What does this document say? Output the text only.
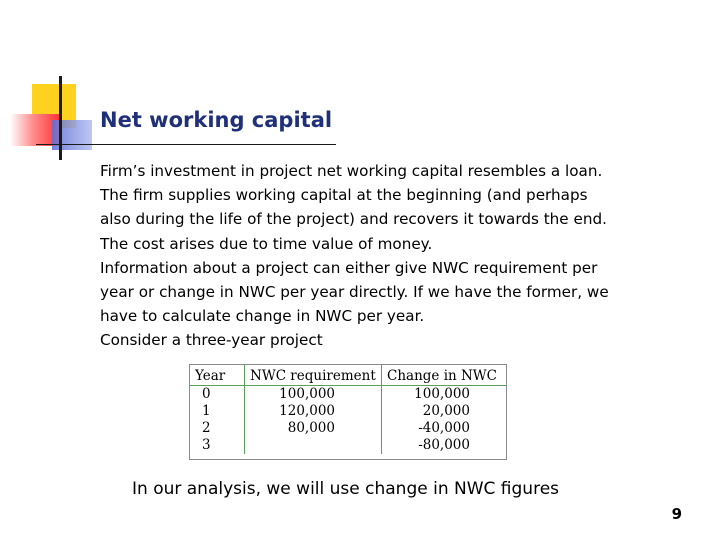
Net working capital

Firm’s investment in project net working capital resembles a loan.

The firm supplies working capital at the beginning (and perhaps

also during the life of the project) and recovers it towards the end.

The cost arises due to time value of money.

Information about a project can either give NWC requirement per

year or change in NWC per year directly. If we have the former, we

have to calculate change in NWC per year.

Consider a three-year project

Year	NWC requirement	Change in NWC
0	100,000	100,000
1	120,000	20,000
2	80,000	-40,000
3		-80,000

In our analysis, we will use change in NWC figures

9
